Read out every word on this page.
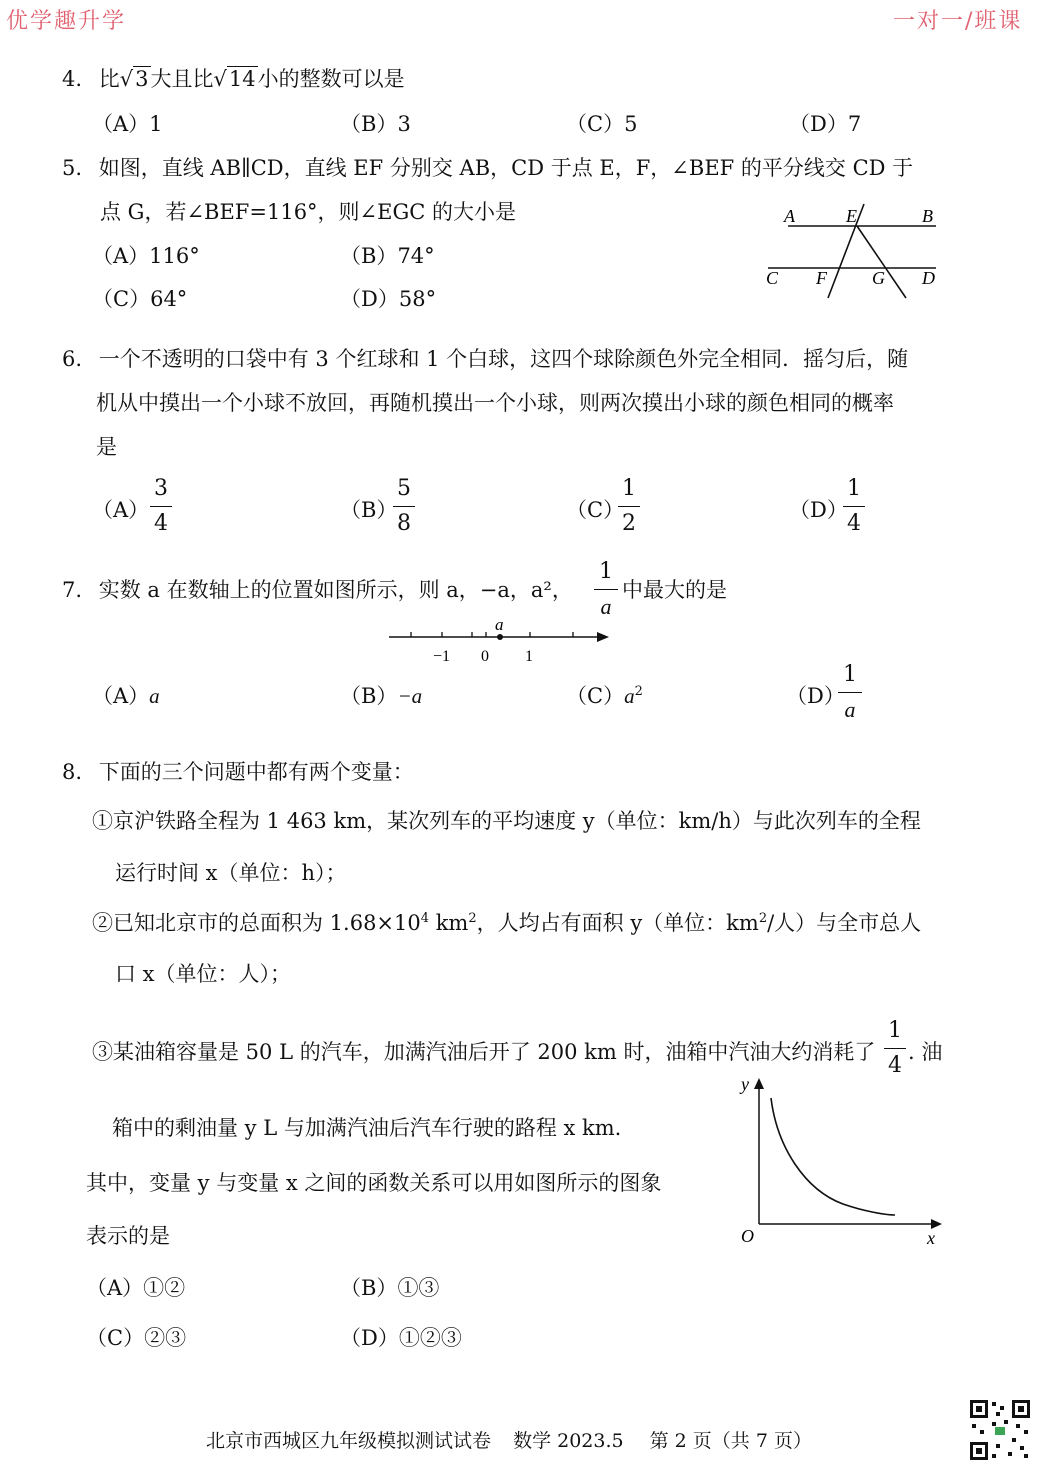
优学趣升学	一对一/班课
4. 比√3大且比√14小的整数可以是
（A）1	（B）3	（C）5	（D）7
5. 如图，直线 AB∥CD，直线 EF 分别交 AB，CD 于点 E，F，∠BEF 的平分线交 CD 于
点 G，若∠BEF=116°，则∠EGC 的大小是
（A）116°	（B）74°
（C）64°	（D）58°
A	E	B
C F	G D
6. 一个不透明的口袋中有 3 个红球和 1 个白球，这四个球除颜色外完全相同．摇匀后，随
机从中摸出一个小球不放回，再随机摸出一个小球，则两次摸出小球的颜色相同的概率
是
（A）
3
4
（B）
5
8
（C）
1
2
（D）
1
4
7. 实数 a 在数轴上的位置如图所示，则 a，−a，a²，
1
a
中最大的是
a
−1 0 1
（A）a	（B）−a	$(C)a^2$	（D）
1
a
8. 下面的三个问题中都有两个变量：
①京沪铁路全程为 1 463 km，某次列车的平均速度 y（单位：km/h）与此次列车的全程
运行时间 x（单位：h）；
②已知北京市的总面积为 $1.68\times 10^4$ $km^2$，人均占有面积 y（单位：$km^2/$人）与全市总人
口 x（单位：人）；
③某油箱容量是 50 L 的汽车，加满汽油后开了 200 km 时，油箱中汽油大约消耗了
1
4
. 油
箱中的剩油量 y L 与加满汽油后汽车行驶的路程 x km.
其中，变量 y 与变量 x 之间的函数关系可以用如图所示的图象
表示的是
y
x
O
（A）①②	（B）①③
（C）②③	（D）①②③
北京市西城区九年级模拟测试试卷 数学 2023.5 第 2 页（共 7 页）
